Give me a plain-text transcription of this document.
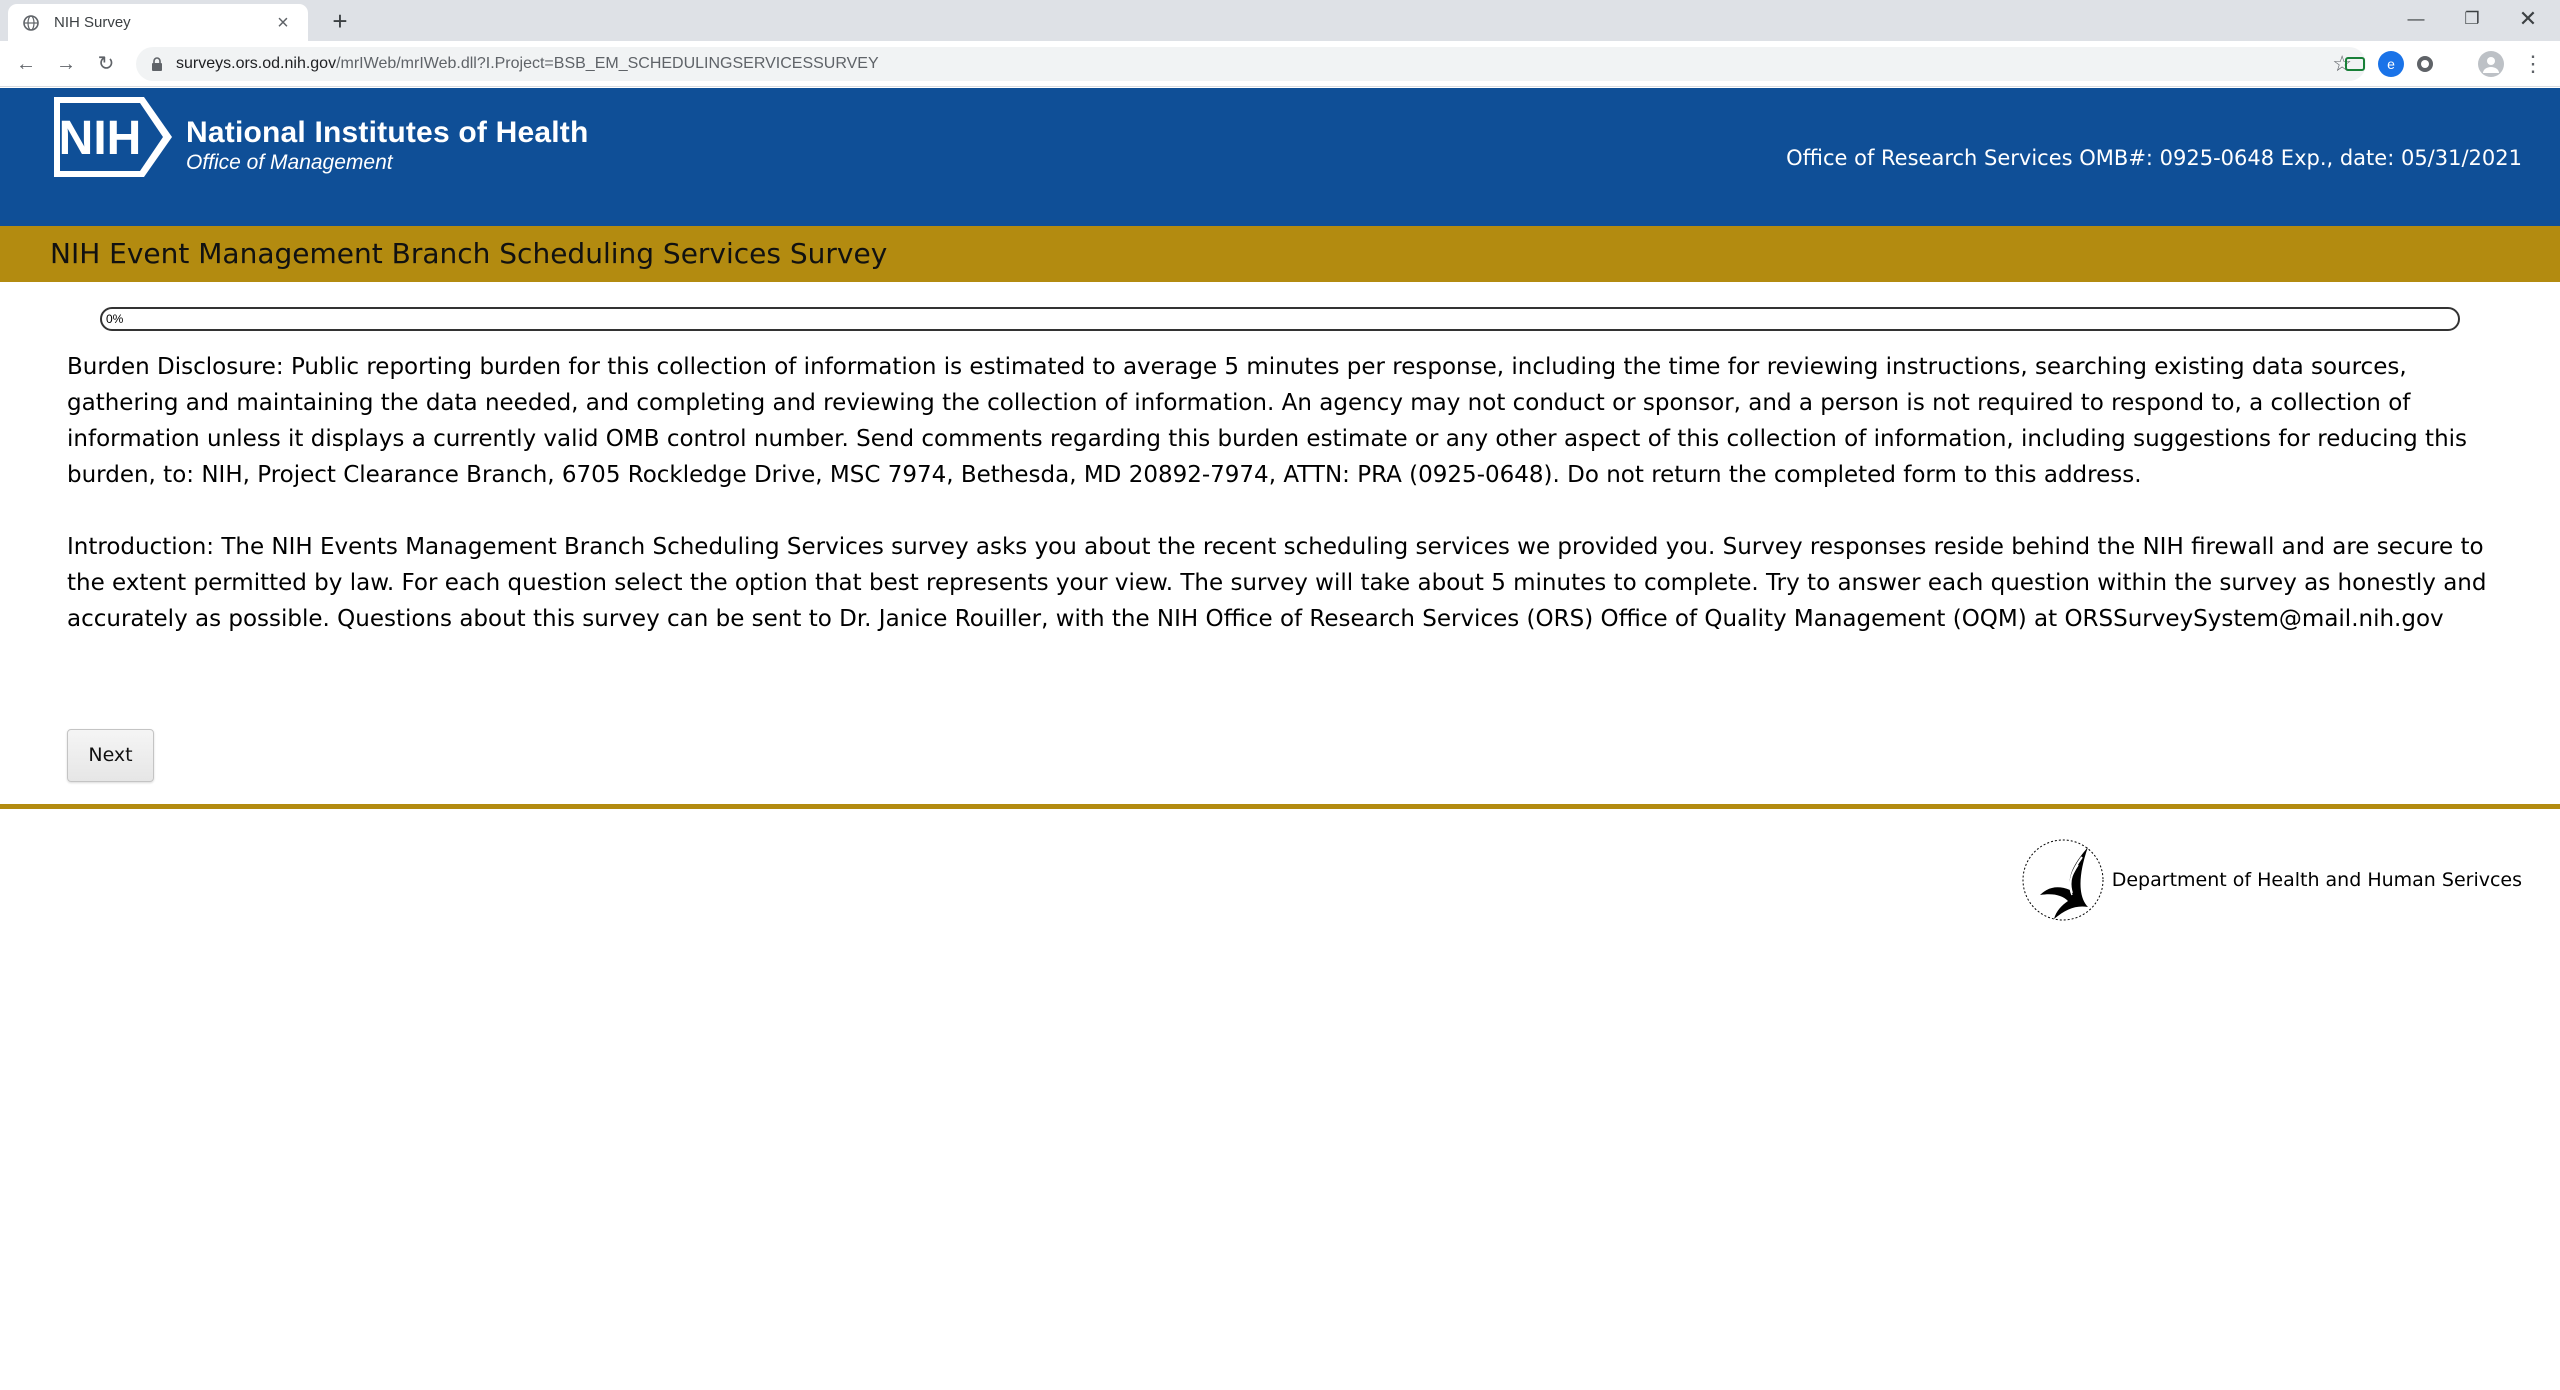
NIH Survey	× +	—	❐	✕
← → ↻	surveys.ors.od.nih.gov/mrIWeb/mrIWeb.dll?I.Project=BSB_EM_SCHEDULINGSERVICESSURVEY	☆	e	⋮
NIH National Institutes of Health
Office of Management	Office of Research Services OMB#: 0925-0648 Exp., date: 05/31/2021
NIH Event Management Branch Scheduling Services Survey
0%

Burden Disclosure: Public reporting burden for this collection of information is estimated to average 5 minutes per response, including the time for reviewing instructions, searching existing data sources, gathering and maintaining the data needed, and completing and reviewing the collection of information. An agency may not conduct or sponsor, and a person is not required to respond to, a collection of information unless it displays a currently valid OMB control number. Send comments regarding this burden estimate or any other aspect of this collection of information, including suggestions for reducing this burden, to: NIH, Project Clearance Branch, 6705 Rockledge Drive, MSC 7974, Bethesda, MD 20892-7974, ATTN: PRA (0925-0648). Do not return the completed form to this address.

Introduction: The NIH Events Management Branch Scheduling Services survey asks you about the recent scheduling services we provided you. Survey responses reside behind the NIH firewall and are secure to the extent permitted by law. For each question select the option that best represents your view. The survey will take about 5 minutes to complete. Try to answer each question within the survey as honestly and accurately as possible. Questions about this survey can be sent to Dr. Janice Rouiller, with the NIH Office of Research Services (ORS) Office of Quality Management (OQM) at ORSSurveySystem@mail.nih.gov

Next
Department of Health and Human Serivces
